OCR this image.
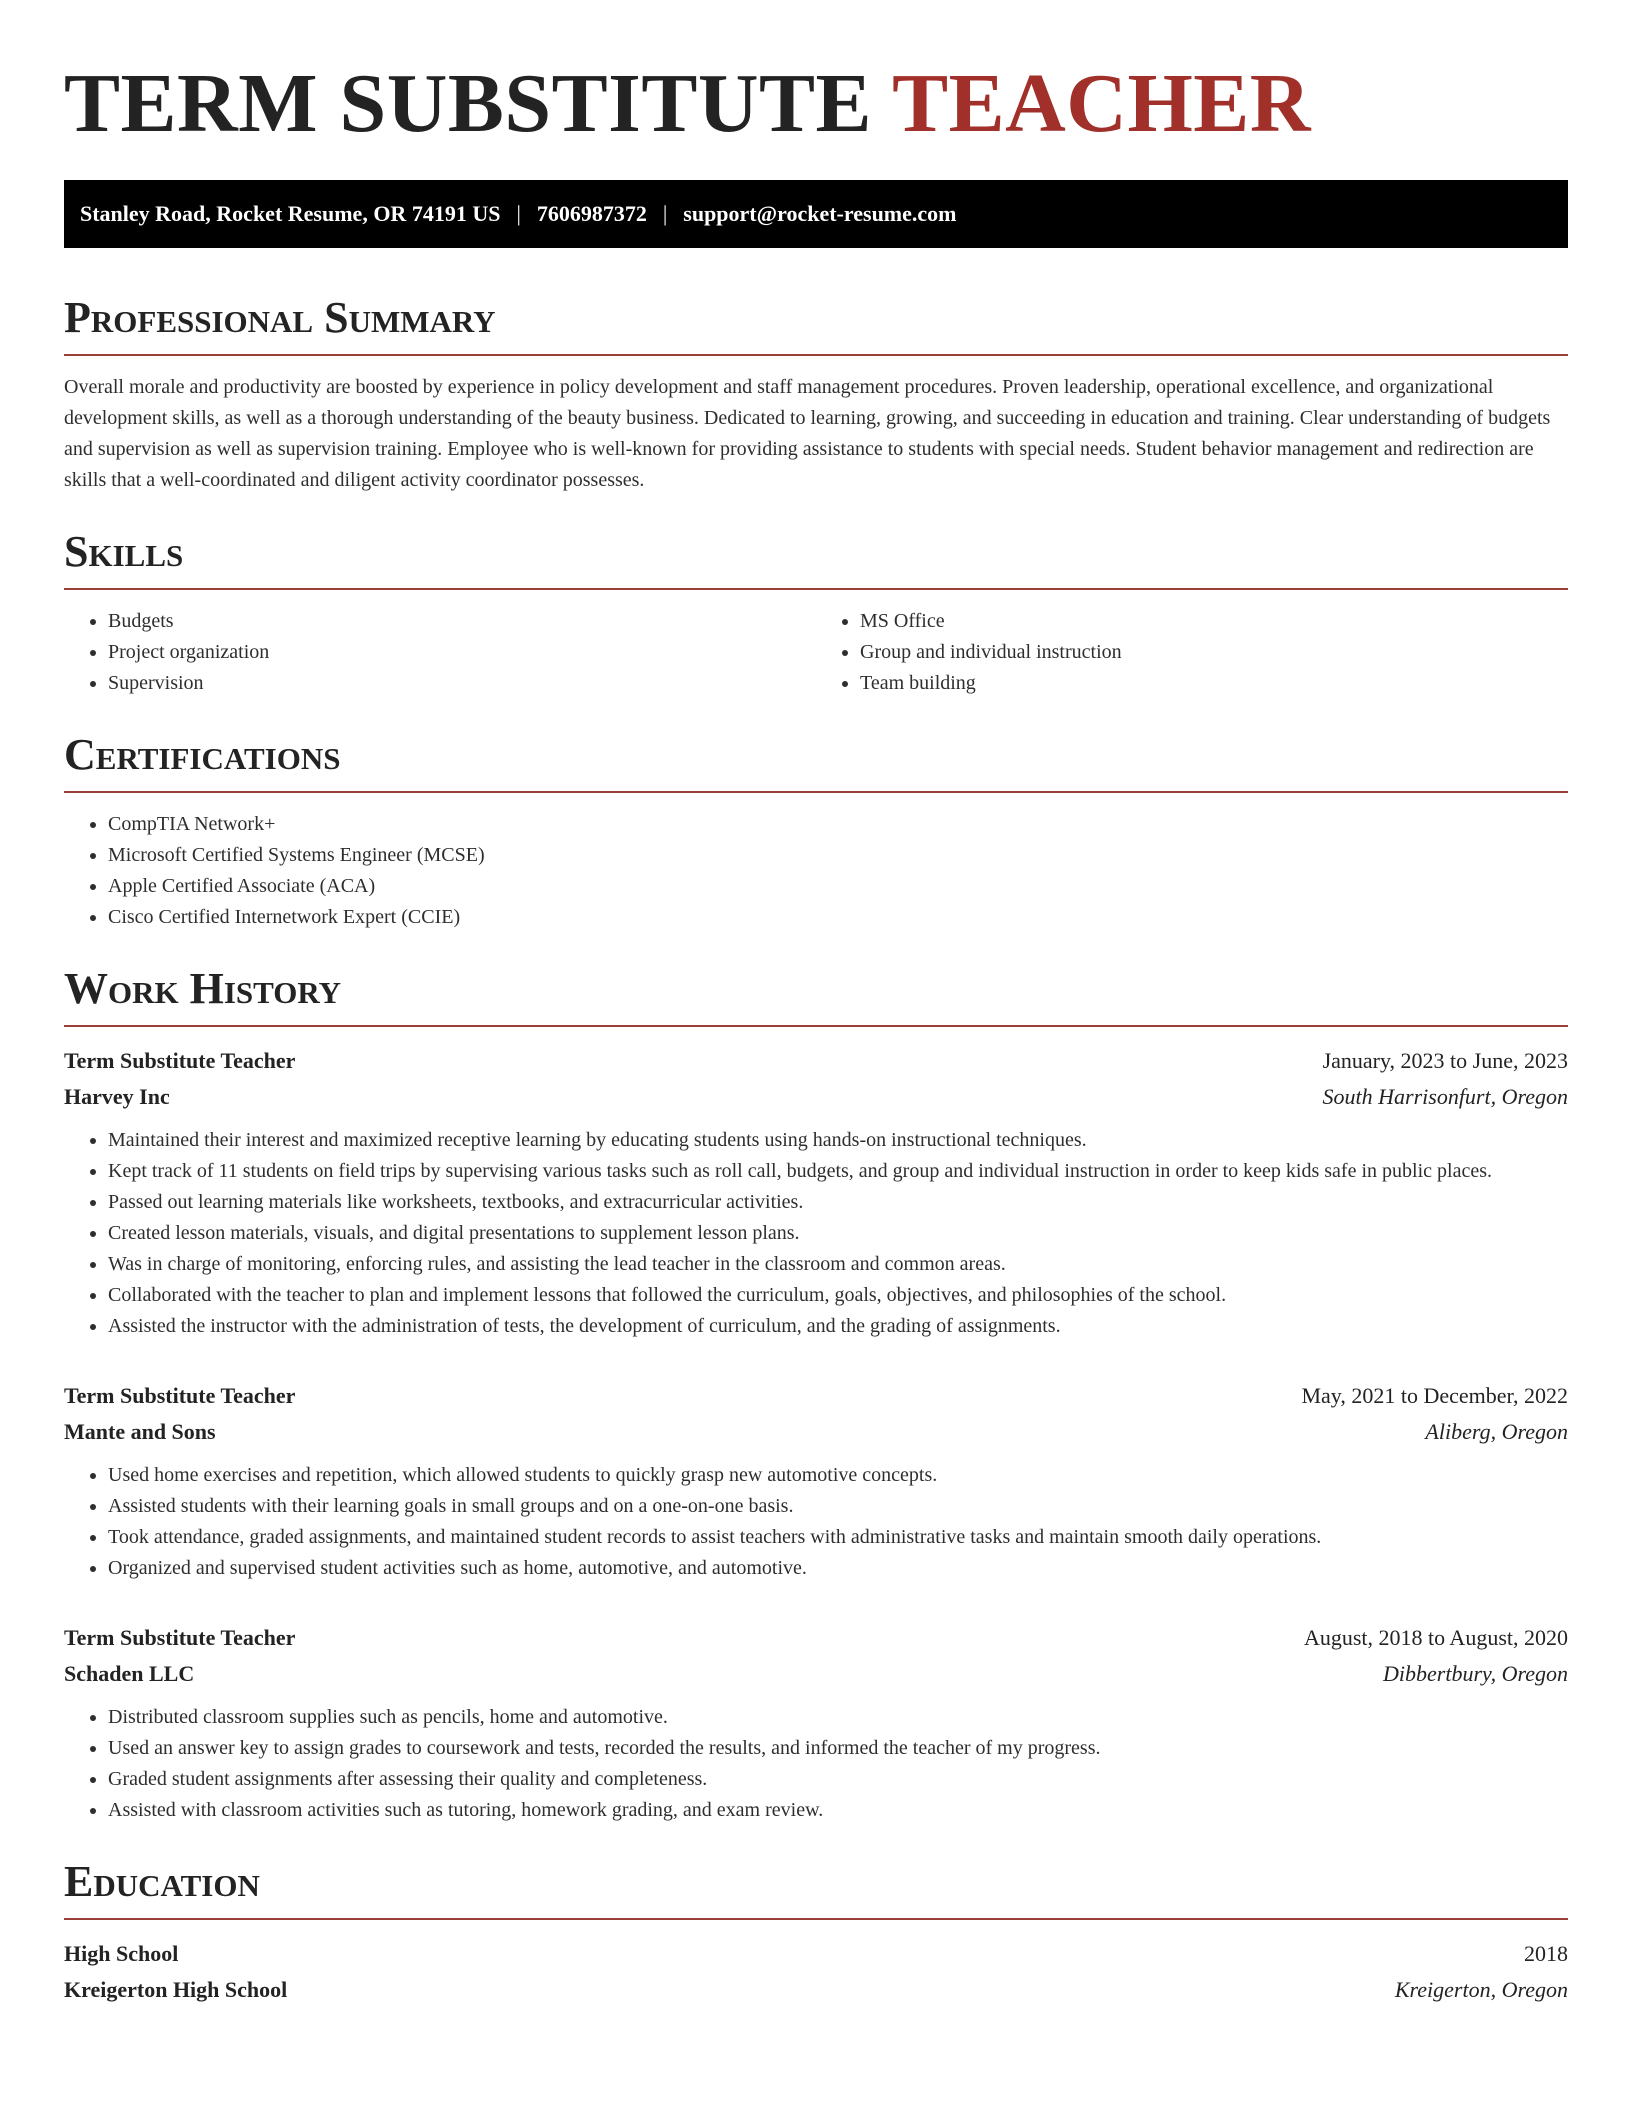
TERM SUBSTITUTE TEACHER
Stanley Road, Rocket Resume, OR 74191 US | 7606987372 | support@rocket-resume.com
Professional Summary

Overall morale and productivity are boosted by experience in policy development and staff management procedures. Proven leadership, operational excellence, and organizational development skills, as well as a thorough understanding of the beauty business. Dedicated to learning, growing, and succeeding in education and training. Clear understanding of budgets and supervision as well as supervision training. Employee who is well-known for providing assistance to students with special needs. Student behavior management and redirection are skills that a well-coordinated and diligent activity coordinator possesses.

Skills
• Budgets
• Project organization
• Supervision
• MS Office
• Group and individual instruction
• Team building
Certifications
• CompTIA Network+
• Microsoft Certified Systems Engineer (MCSE)
• Apple Certified Associate (ACA)
• Cisco Certified Internetwork Expert (CCIE)
Work History
Term Substitute Teacher	January, 2023 to June, 2023
Harvey Inc	South Harrisonfurt, Oregon
• Maintained their interest and maximized receptive learning by educating students using hands-on instructional techniques.
• Kept track of 11 students on field trips by supervising various tasks such as roll call, budgets, and group and individual instruction in order to keep kids safe in public places.
• Passed out learning materials like worksheets, textbooks, and extracurricular activities.
• Created lesson materials, visuals, and digital presentations to supplement lesson plans.
• Was in charge of monitoring, enforcing rules, and assisting the lead teacher in the classroom and common areas.
• Collaborated with the teacher to plan and implement lessons that followed the curriculum, goals, objectives, and philosophies of the school.
• Assisted the instructor with the administration of tests, the development of curriculum, and the grading of assignments.
Term Substitute Teacher	May, 2021 to December, 2022
Mante and Sons	Aliberg, Oregon
• Used home exercises and repetition, which allowed students to quickly grasp new automotive concepts.
• Assisted students with their learning goals in small groups and on a one-on-one basis.
• Took attendance, graded assignments, and maintained student records to assist teachers with administrative tasks and maintain smooth daily operations.
• Organized and supervised student activities such as home, automotive, and automotive.
Term Substitute Teacher	August, 2018 to August, 2020
Schaden LLC	Dibbertbury, Oregon
• Distributed classroom supplies such as pencils, home and automotive.
• Used an answer key to assign grades to coursework and tests, recorded the results, and informed the teacher of my progress.
• Graded student assignments after assessing their quality and completeness.
• Assisted with classroom activities such as tutoring, homework grading, and exam review.
Education
High School	2018
Kreigerton High School	Kreigerton, Oregon
